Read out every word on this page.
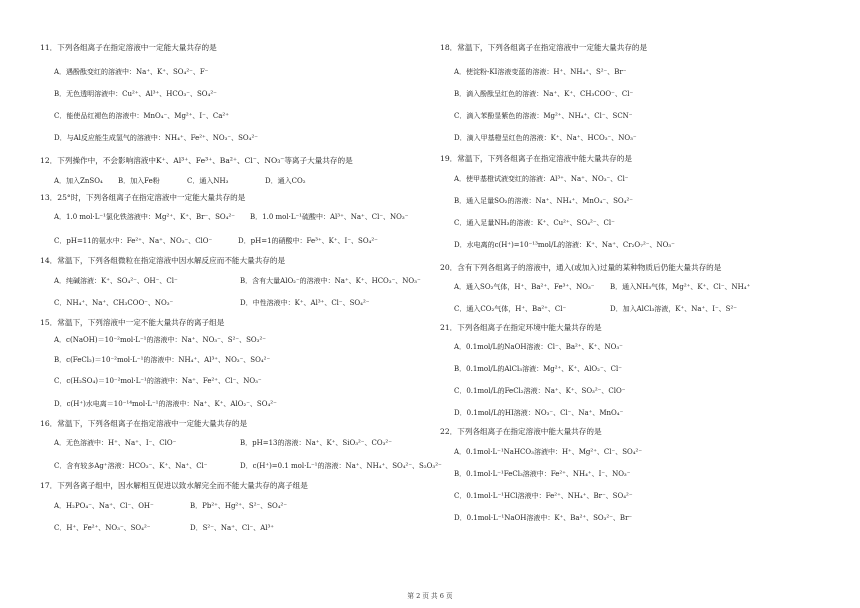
11．下列各组离子在指定溶液中一定能大量共存的是
A．遇酚酞变红的溶液中：Na⁺、K⁺、SO₄²⁻、F⁻
B．无色透明溶液中：Cu²⁺、Al³⁺、HCO₃⁻、SO₄²⁻
C．能使品红褪色的溶液中：MnO₄⁻、Mg²⁺、I⁻、Ca²⁺
D．与Al反应能生成氢气的溶液中：NH₄⁺、Fe²⁺、NO₃⁻、SO₄²⁻
12．下列操作中，不会影响溶液中K⁺、Al³⁺、Fe³⁺、Ba²⁺、Cl⁻、NO₃⁻等离子大量共存的是
A．加入ZnSO₄ B．加入Fe粉	C．通入NH₃	D．通入CO₂
13．25°时，下列各组离子在指定溶液中一定能大量共存的是
A．1.0 mol·L⁻¹氯化铁溶液中：Mg²⁺、K⁺、Br⁻、SO₄²⁻ B．1.0 mol·L⁻¹硫酸中：Al³⁺、Na⁺、Cl⁻、NO₃⁻
C．pH=11的氨水中：Fe²⁺、Na⁺、NO₃⁻、ClO⁻	D．pH=1的硝酸中：Fe³⁺、K⁺、I⁻、SO₄²⁻
14．常温下，下列各组微粒在指定溶液中因水解反应而不能大量共存的是
A．纯碱溶液：K⁺、SO₄²⁻、OH⁻、Cl⁻	B．含有大量AlO₂⁻的溶液中：Na⁺、K⁺、HCO₃⁻、NO₃⁻
C．NH₄⁺、Na⁺、CH₃COO⁻、NO₃⁻	D．中性溶液中：K⁺、Al³⁺、Cl⁻、SO₄²⁻
15．常温下，下列溶液中一定不能大量共存的离子组是
A．c(NaOH)＝10⁻²mol·L⁻¹的溶液中：Na⁺、NO₃⁻、S²⁻、SO₃²⁻
B．c(FeCl₂)＝10⁻²mol·L⁻¹的溶液中：NH₄⁺、Al³⁺、NO₃⁻、SO₄²⁻
C．c(H₂SO₄)＝10⁻²mol·L⁻¹的溶液中：Na⁺、Fe²⁺、Cl⁻、NO₃⁻
D．c(H⁺)水电离＝10⁻¹⁴mol·L⁻¹的溶液中：Na⁺、K⁺、AlO₂⁻、SO₄²⁻
16．常温下，下列各组离子在指定溶液中一定能大量共存的是
A．无色溶液中：H⁺、Na⁺、I⁻、ClO⁻	B．pH=13的溶液：Na⁺、K⁺、SiO₃²⁻、CO₃²⁻
C．含有较多Ag⁺溶液：HCO₃⁻、K⁺、Na⁺、Cl⁻	D．c(H⁺)=0.1 mol·L⁻¹的溶液：Na⁺、NH₄⁺、SO₄²⁻、S₂O₃²⁻
17．下列各离子组中，因水解相互促进以致水解完全而不能大量共存的离子组是
A．H₂PO₄⁻、Na⁺、Cl⁻、OH⁻	B．Pb²⁺、Hg²⁺、S²⁻、SO₄²⁻
C．H⁺、Fe²⁺、NO₃⁻、SO₄²⁻	D．S²⁻、Na⁺、Cl⁻、Al³⁺
18．常温下，下列各组离子在指定溶液中一定能大量共存的是
A．使淀粉-KI溶液变蓝的溶液：H⁺、NH₄⁺、S²⁻、Br⁻
B．滴入酚酞呈红色的溶液：Na⁺、K⁺、CH₃COO⁻、Cl⁻
C．滴入苯酚显紫色的溶液：Mg²⁺、NH₄⁺、Cl⁻、SCN⁻
D．滴入甲基橙呈红色的溶液：K⁺、Na⁺、HCO₃⁻、NO₃⁻
19．常温下，下列各组离子在指定溶液中能大量共存的是
A．使甲基橙试液变红的溶液：Al³⁺、Na⁺、NO₃⁻、Cl⁻
B．通入足量SO₂的溶液：Na⁺、NH₄⁺、MnO₄⁻、SO₄²⁻
C．通入足量NH₃的溶液：K⁺、Cu²⁺、SO₄²⁻、Cl⁻
D．水电离的c(H⁺)=10⁻¹³mol/L的溶液：K⁺、Na⁺、Cr₂O₇²⁻、NO₃⁻
20．含有下列各组离子的溶液中，通入(或加入)过量的某种物质后仍能大量共存的是
A．通入SO₂气体，H⁺、Ba²⁺、Fe³⁺、NO₃⁻ B．通入NH₃气体，Mg²⁺、K⁺、Cl⁻、NH₄⁺
C．通入CO₂气体，H⁺、Ba²⁺、Cl⁻	D．加入AlCl₃溶液，K⁺、Na⁺、I⁻、S²⁻
21．下列各组离子在指定环境中能大量共存的是
A．0.1mol/L的NaOH溶液：Cl⁻、Ba²⁺、K⁺、NO₃⁻
B．0.1mol/L的AlCl₃溶液：Mg²⁺、K⁺、AlO₂⁻、Cl⁻
C．0.1mol/L的FeCl₂溶液：Na⁺、K⁺、SO₃²⁻、ClO⁻
D．0.1mol/L的HI溶液：NO₃⁻、Cl⁻、Na⁺、MnO₄⁻
22．下列各组离子在指定溶液中能大量共存的是
A．0.1mol·L⁻¹NaHCO₃溶液中：H⁺、Mg²⁺、Cl⁻、SO₄²⁻
B．0.1mol·L⁻¹FeCl₃溶液中：Fe²⁺、NH₄⁺、I⁻、NO₃⁻
C．0.1mol·L⁻¹HCl溶液中：Fe²⁺、NH₄⁺、Br⁻、SO₄²⁻
D．0.1mol·L⁻¹NaOH溶液中：K⁺、Ba²⁺、SO₃²⁻、Br⁻
第 2 页 共 6 页
